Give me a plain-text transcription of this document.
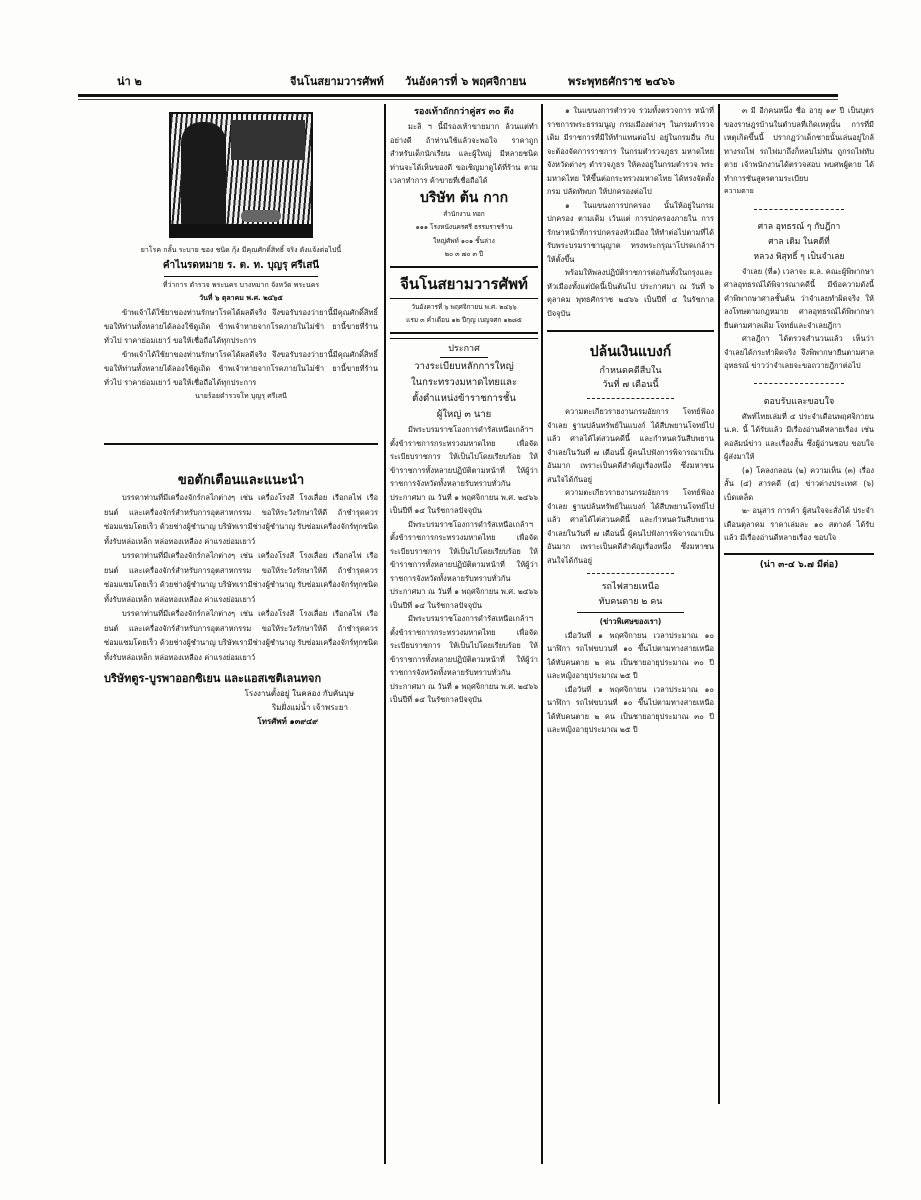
น่า ๒	จีนโนสยามวารศัพท์ วันอังคารที่ ๖ พฤศจิกายน	พระพุทธศักราช ๒๔๖๖
ยาโรค กลั้น ระบาย ของ ชนิด กุ้ง มีคุณศักดิ์สิทธิ์ จริง ดังแจ้งต่อไปนี้
คำไนรดหมาย ร. ต. ท. บุญรุ ศรีเสนี
ที่ว่าการ ตำรวจ พระนคร บางหมาก จังหวัด พระนคร
วันที่ ๖ ตุลาคม พ.ศ. ๒๔๖๕

ข้าพเจ้าได้ใช้ยาของท่านรักษาโรคได้ผลดีจริง จึงขอรับรองว่ายานี้มีคุณศักดิ์สิทธิ์ ขอให้ท่านทั้งหลายได้ลองใช้ดูเถิด ข้าพเจ้าหายจากโรคภายในไม่ช้า ยานี้ขายที่ร้านทั่วไป ราคาย่อมเยาว์ ขอให้เชื่อถือได้ทุกประการ

ข้าพเจ้าได้ใช้ยาของท่านรักษาโรคได้ผลดีจริง จึงขอรับรองว่ายานี้มีคุณศักดิ์สิทธิ์ ขอให้ท่านทั้งหลายได้ลองใช้ดูเถิด ข้าพเจ้าหายจากโรคภายในไม่ช้า ยานี้ขายที่ร้านทั่วไป ราคาย่อมเยาว์ ขอให้เชื่อถือได้ทุกประการ

นายร้อยตำรวจโท บุญรุ ศรีเสนี
ขอตักเตือนและแนะนำ

บรรดาท่านที่มีเครื่องจักร์กลไกต่างๆ เช่น เครื่องโรงสี โรงเลื่อย เรือกลไฟ เรือยนต์ และเครื่องจักร์สำหรับการอุตสาหกรรม ขอให้ระวังรักษาให้ดี ถ้าชำรุดควรซ่อมแซมโดยเร็ว ด้วยช่างผู้ชำนาญ บริษัทเรามีช่างผู้ชำนาญ รับซ่อมเครื่องจักร์ทุกชนิด ทั้งรับหล่อเหล็ก หล่อทองเหลือง ค่าแรงย่อมเยาว์

บรรดาท่านที่มีเครื่องจักร์กลไกต่างๆ เช่น เครื่องโรงสี โรงเลื่อย เรือกลไฟ เรือยนต์ และเครื่องจักร์สำหรับการอุตสาหกรรม ขอให้ระวังรักษาให้ดี ถ้าชำรุดควรซ่อมแซมโดยเร็ว ด้วยช่างผู้ชำนาญ บริษัทเรามีช่างผู้ชำนาญ รับซ่อมเครื่องจักร์ทุกชนิด ทั้งรับหล่อเหล็ก หล่อทองเหลือง ค่าแรงย่อมเยาว์

บรรดาท่านที่มีเครื่องจักร์กลไกต่างๆ เช่น เครื่องโรงสี โรงเลื่อย เรือกลไฟ เรือยนต์ และเครื่องจักร์สำหรับการอุตสาหกรรม ขอให้ระวังรักษาให้ดี ถ้าชำรุดควรซ่อมแซมโดยเร็ว ด้วยช่างผู้ชำนาญ บริษัทเรามีช่างผู้ชำนาญ รับซ่อมเครื่องจักร์ทุกชนิด ทั้งรับหล่อเหล็ก หล่อทองเหลือง ค่าแรงย่อมเยาว์

บริษัทตูร-บูรพาออกซิเยน และแอสเซติเลนทจก
โรงงานตั้งอยู่ ในคลอง กับคันบุษ
ริมฝั่งแม่น้ำ เจ้าพระยา
โทรศัพท์ ๑๓๙๔๙
รองเท้าถักกว่าคู่สร ๓๐ ตึง

มะลิ ฯ นี้มีรองเท้าขายมาก ล้วนแต่ทำอย่างดี ถ้าท่านใช้แล้วจะพอใจ ราคาถูก สำหรับเด็กนักเรียน และผู้ใหญ่ มีหลายชนิด ท่านจะได้เห็นของดี ขอเชิญมาดูได้ที่ร้าน ตามเวลาทำการ ค้าขายที่เชื่อถือได้

บริษัท ต้น กาก
สำนักงาน ทอก
๑๑๑ โรงหนังนครศรี ธรรมราชร้าน
ใหญ่ศัพท์ ๑๐๑ ชั้นล่าง
๒๐ ๓ ๗๐ ๓ ปี
จีนโนสยามวารศัพท์
วันอังคารที่ ๖ พฤศจิกายน พ.ศ. ๒๔๖๖
แรม ๓ ค่ำเดือน ๑๒ ปีกุญ เบญจศก ๑๒๘๕
ประกาศ
วางระเบียบหลักการใหญ่
ในกระทรวงมหาดไทยและ
ตั้งตำแหน่งข้าราชการชั้น
ผู้ใหญ่ ๓ นาย

มีพระบรมราชโองการดำรัสเหนือเกล้าฯ ตั้งข้าราชการกระทรวงมหาดไทย เพื่อจัดระเบียบราชการ ให้เป็นไปโดยเรียบร้อย ให้ข้าราชการทั้งหลายปฏิบัติตามหน้าที่ ให้ผู้ว่าราชการจังหวัดทั้งหลายรับทราบทั่วกัน ประกาศมา ณ วันที่ ๑ พฤศจิกายน พ.ศ. ๒๔๖๖ เป็นปีที่ ๑๔ ในรัชกาลปัจจุบัน

มีพระบรมราชโองการดำรัสเหนือเกล้าฯ ตั้งข้าราชการกระทรวงมหาดไทย เพื่อจัดระเบียบราชการ ให้เป็นไปโดยเรียบร้อย ให้ข้าราชการทั้งหลายปฏิบัติตามหน้าที่ ให้ผู้ว่าราชการจังหวัดทั้งหลายรับทราบทั่วกัน ประกาศมา ณ วันที่ ๑ พฤศจิกายน พ.ศ. ๒๔๖๖ เป็นปีที่ ๑๔ ในรัชกาลปัจจุบัน

มีพระบรมราชโองการดำรัสเหนือเกล้าฯ ตั้งข้าราชการกระทรวงมหาดไทย เพื่อจัดระเบียบราชการ ให้เป็นไปโดยเรียบร้อย ให้ข้าราชการทั้งหลายปฏิบัติตามหน้าที่ ให้ผู้ว่าราชการจังหวัดทั้งหลายรับทราบทั่วกัน ประกาศมา ณ วันที่ ๑ พฤศจิกายน พ.ศ. ๒๔๖๖ เป็นปีที่ ๑๔ ในรัชกาลปัจจุบัน

๑ ในแขนงการตำรวจ รวมทั้งตรวจการ หน้าที่ราชการพระธรรมนูญ กรมเมืองต่างๆ ในกรมตำรวจเดิม มีราชการที่มีให้ทำแทนต่อไป อยู่ในกรมอื่น กับจะต้องจัดการราชการ ในกรมตำรวจภูธร มหาดไทย จังหวัดต่างๆ ตำรวจภูธร ให้คงอยู่ในกรมตำรวจ พระมหาดไทย ให้ขึ้นต่อกระทรวงมหาดไทย ได้ทรงจัดตั้งกรม ปลัดทัพบก ให้ปกครองต่อไป

๑ ในแขนงการปกครอง นั้นให้อยู่ในกรมปกครอง ตามเดิม เว้นแต่ การปกครองภายใน การรักษาหน้าที่การปกครองหัวเมือง ให้ทำต่อไปตามที่ได้รับพระบรมราชานุญาต ทรงพระกรุณาโปรดเกล้าฯ ให้ตั้งขึ้น

พร้อมให้พลงปฏิบัติราชการต่อกันทั้งในกรุงและหัวเมืองทั้งแต่บัดนี้เป็นต้นไป ประกาศมา ณ วันที่ ๖ ตุลาคม พุทธศักราช ๒๔๖๖ เป็นปีที่ ๔ ในรัชกาลปัจจุบัน

ปล้นเงินแบงก์
กำหนดคดีสืบใน
วันที่ ๗ เดือนนี้

ความตะเกียวรายงานกรมอัยการ โจทย์ฟ้องจำเลย ฐานปล้นทรัพย์ในแบงก์ ได้สืบพยานโจทย์ไปแล้ว ศาลได้ไต่สวนคดีนี้ และกำหนดวันสืบพยานจำเลยในวันที่ ๗ เดือนนี้ ผู้คนไปฟังการพิจารณาเป็นอันมาก เพราะเป็นคดีสำคัญเรื่องหนึ่ง ซึ่งมหาชนสนใจได้กันอยู่

ความตะเกียวรายงานกรมอัยการ โจทย์ฟ้องจำเลย ฐานปล้นทรัพย์ในแบงก์ ได้สืบพยานโจทย์ไปแล้ว ศาลได้ไต่สวนคดีนี้ และกำหนดวันสืบพยานจำเลยในวันที่ ๗ เดือนนี้ ผู้คนไปฟังการพิจารณาเป็นอันมาก เพราะเป็นคดีสำคัญเรื่องหนึ่ง ซึ่งมหาชนสนใจได้กันอยู่

รถไฟสายเหนือ
ทับคนตาย ๒ คน
(ข่าวพิเศษของเรา)

เมื่อวันที่ ๑ พฤศจิกายน เวลาประมาณ ๑๐ นาฬิกา รถไฟขบวนที่ ๑๐ ขึ้นไปตามทางสายเหนือ ได้ทับคนตาย ๒ คน เป็นชายอายุประมาณ ๓๐ ปี และหญิงอายุประมาณ ๒๕ ปี

เมื่อวันที่ ๑ พฤศจิกายน เวลาประมาณ ๑๐ นาฬิกา รถไฟขบวนที่ ๑๐ ขึ้นไปตามทางสายเหนือ ได้ทับคนตาย ๒ คน เป็นชายอายุประมาณ ๓๐ ปี และหญิงอายุประมาณ ๒๕ ปี

๓ มี อีกคนหนึ่ง ชื่อ อายุ ๑๙ ปี เป็นบุตรของราษฎรบ้านในตำบลที่เกิดเหตุนั้น การที่มีเหตุเกิดขึ้นนี้ ปรากฏว่าเด็กชายนั้นเล่นอยู่ใกล้ทางรถไฟ รถไฟมาถึงก็หลบไม่ทัน ถูกรถไฟทับตาย เจ้าพนักงานได้ตรวจสอบ พบศพผู้ตาย ได้ทำการชันสูตรตามระเบียบ

ความตาย
ศาล อุทธรณ์ ๆ กับฎีกา
ศาล เดิม ในคดีที่
หลวง พิสุทธิ์ ๆ เป็นจำเลย

จำเลย (ที่๑) เวลาจะ ผ.ล. คณะผู้พิพากษาศาลอุทธรณ์ได้พิจารณาคดีนี้ มีข้อความดังนี้ คำพิพากษาศาลชั้นต้น ว่าจำเลยทำผิดจริง ให้ลงโทษตามกฎหมาย ศาลอุทธรณ์ได้พิพากษายืนตามศาลเดิม โจทย์และจำเลยฎีกา

ศาลฎีกา ได้ตรวจสำนวนแล้ว เห็นว่าจำเลยได้กระทำผิดจริง จึงพิพากษายืนตามศาลอุทธรณ์ ข่าวว่าจำเลยจะขอถวายฎีกาต่อไป

ตอบรับและขอบใจ

ศัพท์ไทยเล่มที่ ๔ ประจำเดือนพฤศจิกายน น.ค. นี้ ได้รับแล้ว มีเรื่องอ่านดีหลายเรื่อง เช่น คอลัมน์ข่าว และเรื่องสั้น ซึ่งผู้อ่านชอบ ขอบใจผู้ส่งมาให้

(๑) โคลงกลอน (๒) ความเห็น (๓) เรื่องสั้น (๔) สารคดี (๕) ข่าวต่างประเทศ (๖) เบ็ดเตล็ด

๒- อนุสาร การค้า ผู้สนใจจะสั่งได้ ประจำเดือนตุลาคม ราคาเล่มละ ๑๐ สตางค์ ได้รับแล้ว มีเรื่องอ่านดีหลายเรื่อง ขอบใจ

(น่า ๓-๔ ๖.๗ มีต่อ)
